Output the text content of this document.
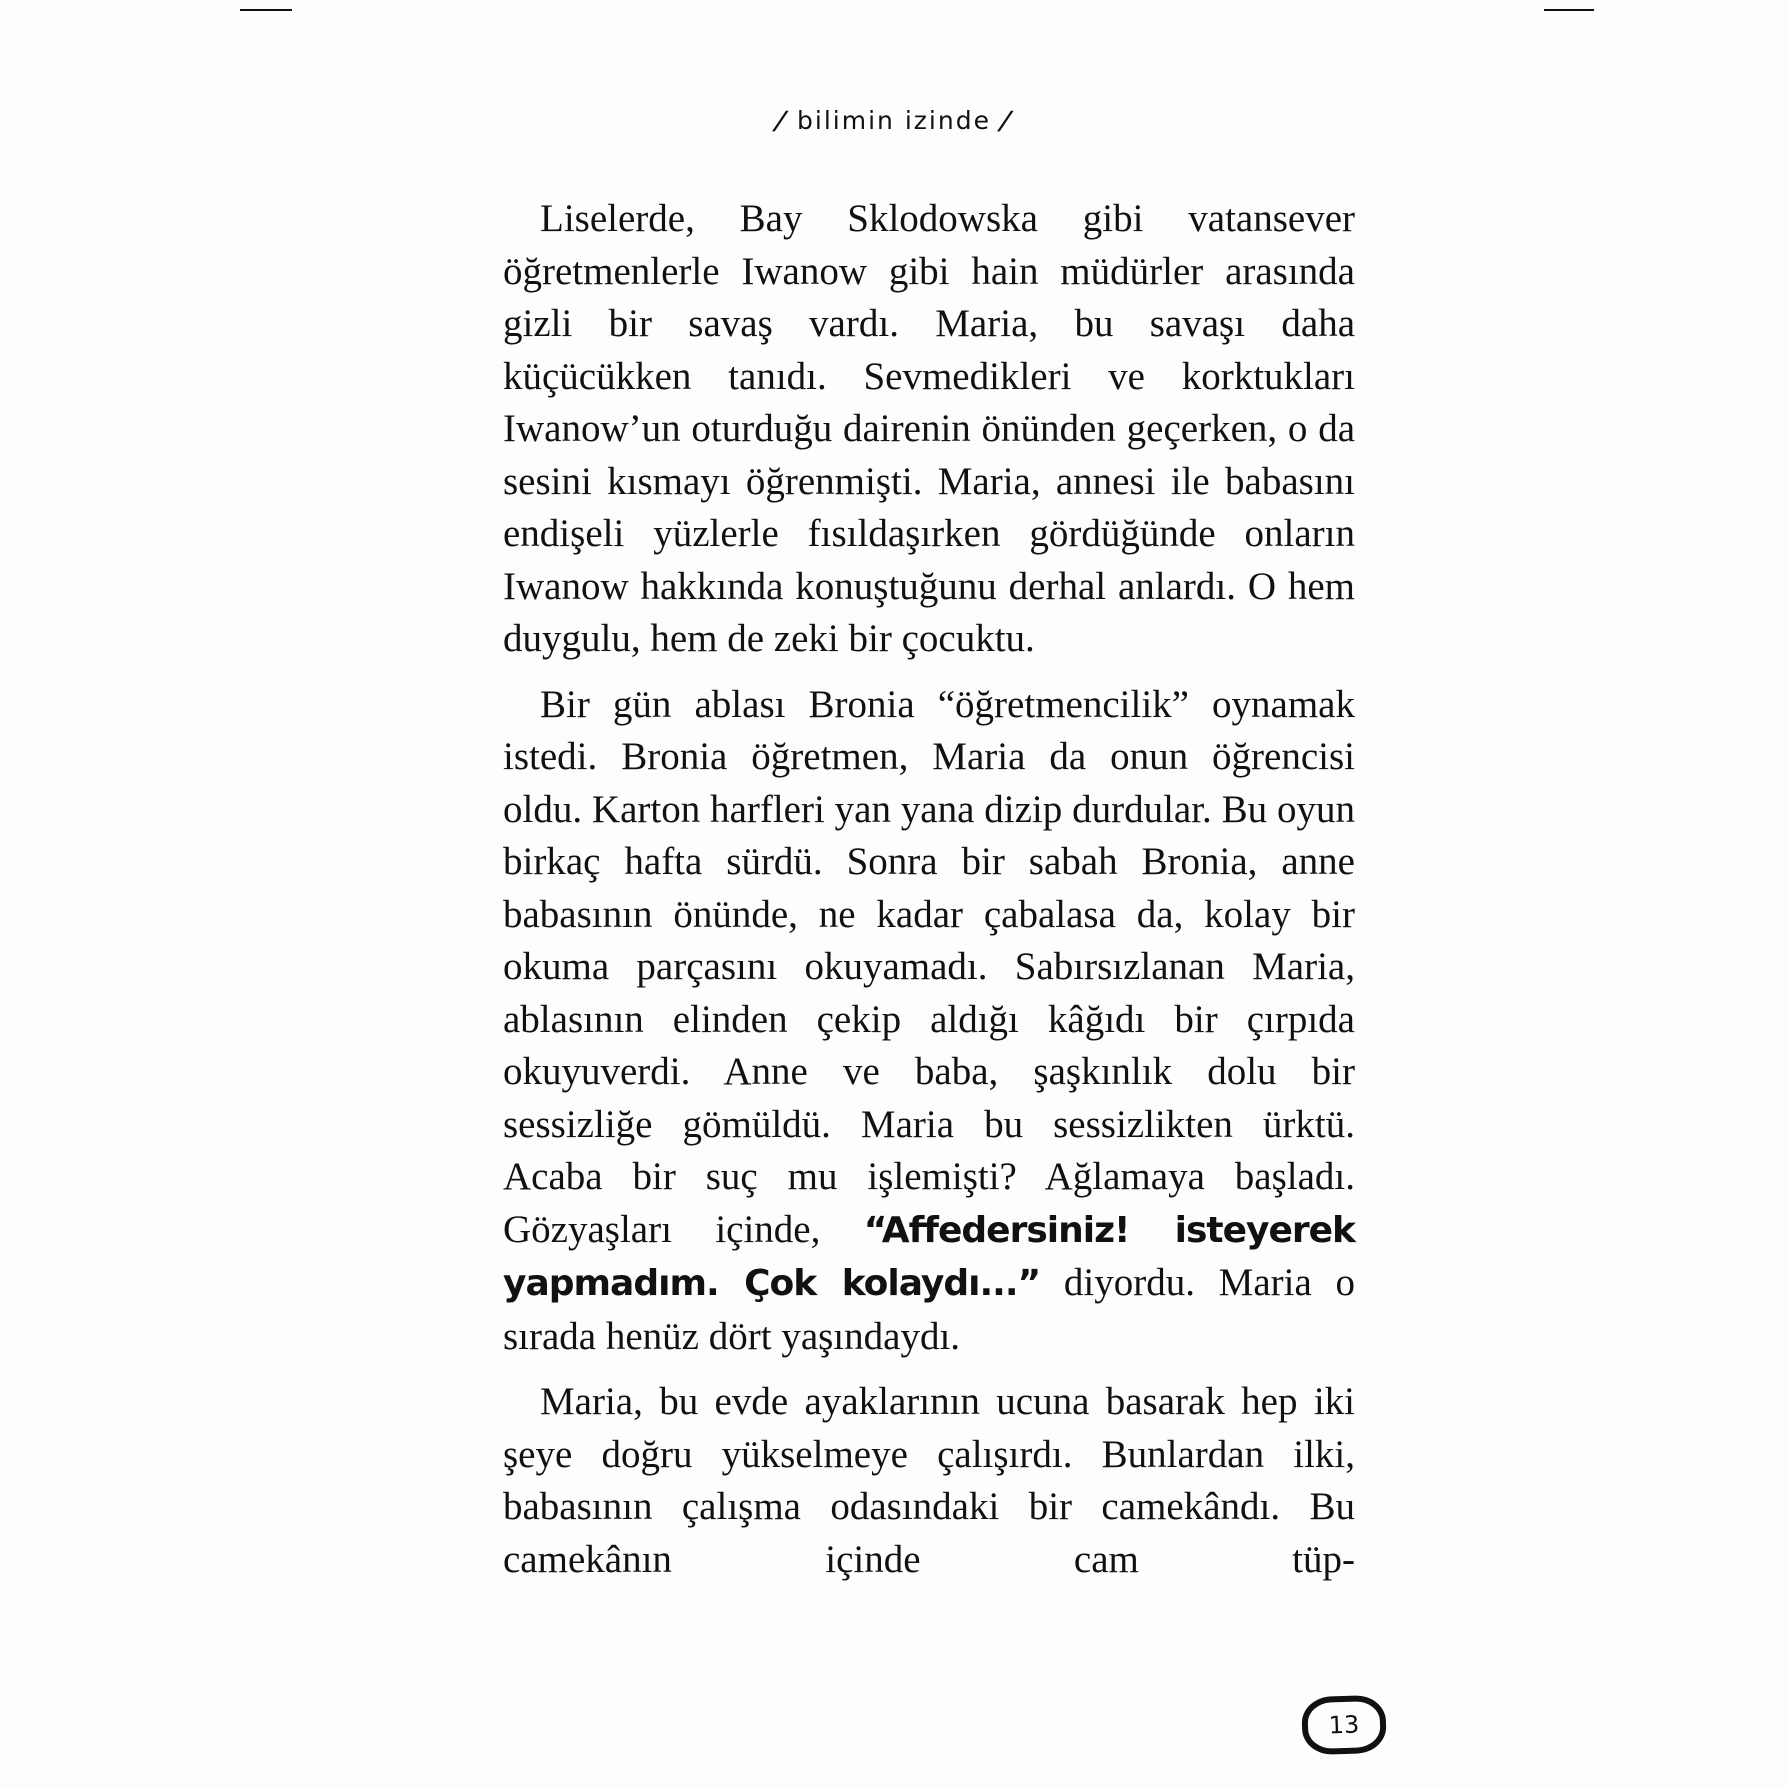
/ bilimin izinde /

Liselerde, Bay Sklodowska gibi vatansever öğretmenlerle Iwanow gibi hain müdürler arasında gizli bir savaş vardı. Maria, bu savaşı daha küçücükken tanıdı. Sevmedikleri ve korktukları Iwanow’un oturduğu dairenin önünden geçerken, o da sesini kısmayı öğrenmişti. Maria, annesi ile babasını endişeli yüzlerle fısıldaşırken gördüğünde onların Iwanow hakkında konuştuğunu derhal anlardı. O hem duygulu, hem de zeki bir çocuktu.

Bir gün ablası Bronia “öğretmencilik” oynamak istedi. Bronia öğretmen, Maria da onun öğrencisi oldu. Karton harfleri yan yana dizip durdular. Bu oyun birkaç hafta sürdü. Sonra bir sabah Bronia, anne babasının önünde, ne kadar çabalasa da, kolay bir okuma parçasını okuyamadı. Sabırsızlanan Maria, ablasının elinden çekip aldığı kâğıdı bir çırpıda okuyuverdi. Anne ve baba, şaşkınlık dolu bir sessizliğe gömüldü. Maria bu sessizlikten ürktü. Acaba bir suç mu işlemişti? Ağlamaya başladı. Gözyaşları içinde, “Affedersiniz! isteyerek yapmadım. Çok kolaydı...” diyordu. Maria o sırada henüz dört yaşındaydı.

Maria, bu evde ayaklarının ucuna basarak hep iki şeye doğru yükselmeye çalışırdı. Bunlardan ilki, babasının çalışma odasındaki bir camekândı. Bu camekânın içinde cam tüp-

13
